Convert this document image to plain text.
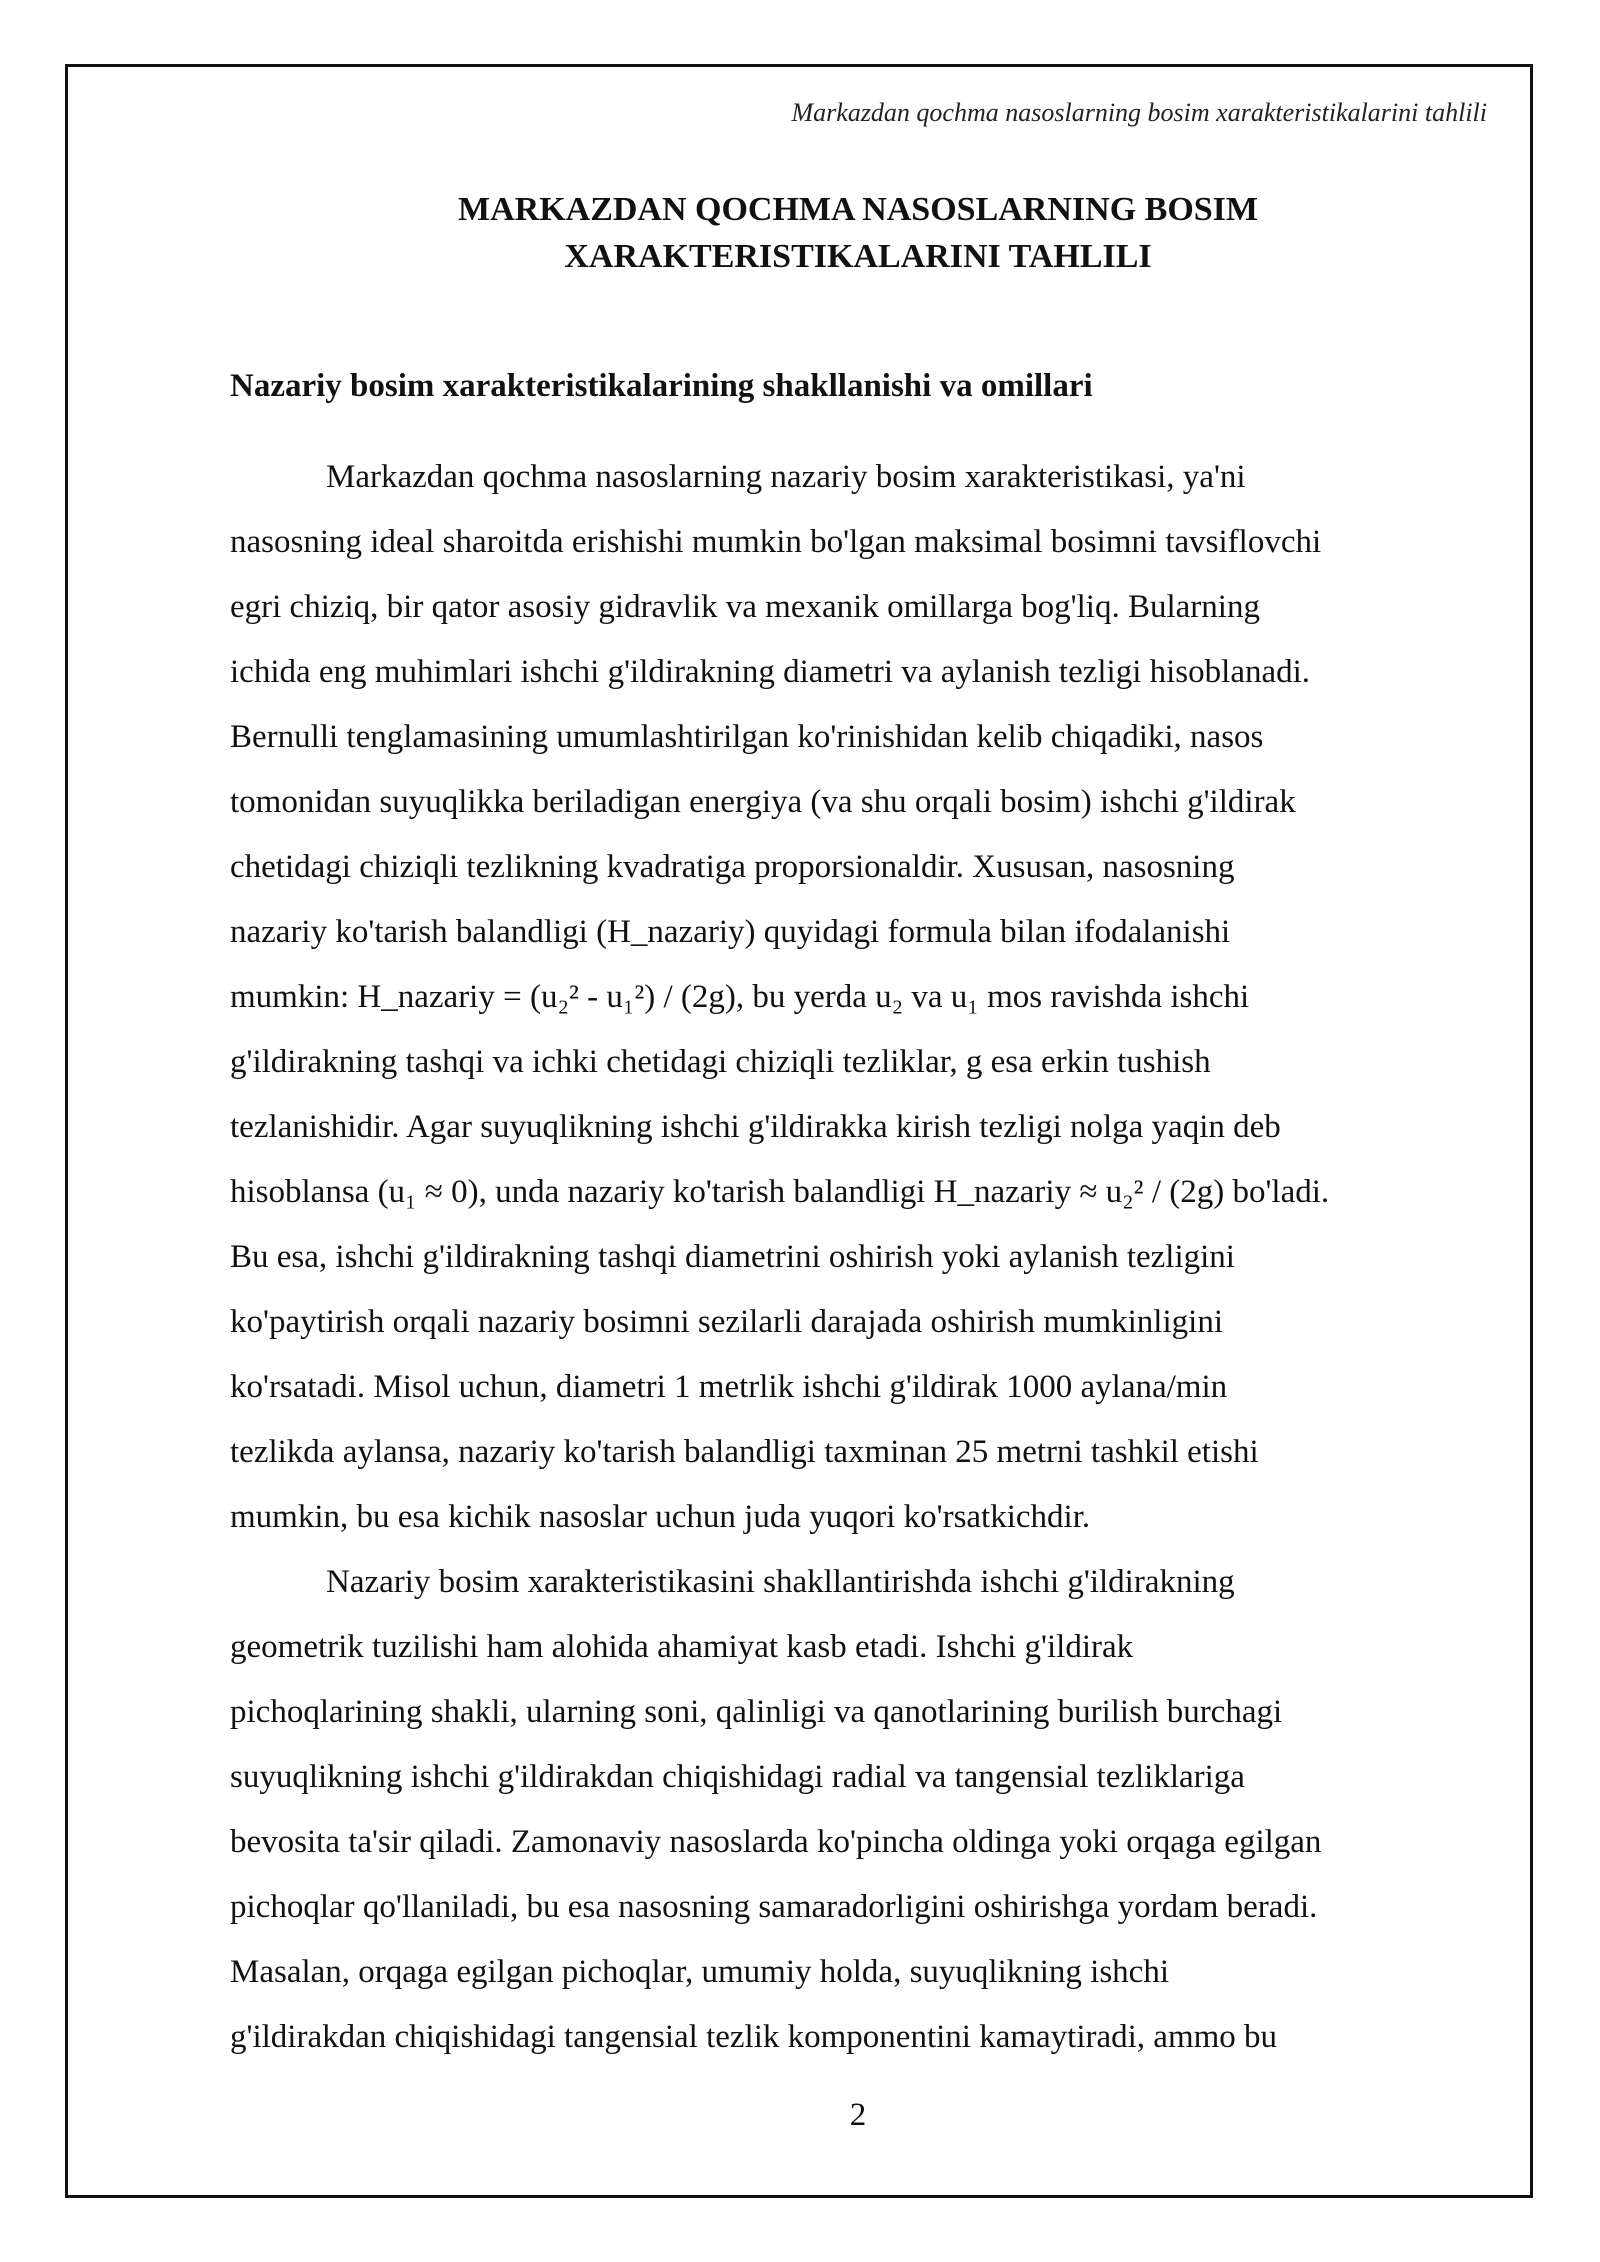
Markazdan qochma nasoslarning bosim xarakteristikalarini tahlili
MARKAZDAN QOCHMA NASOSLARNING BOSIM
XARAKTERISTIKALARINI TAHLILI
Nazariy bosim xarakteristikalarining shakllanishi va omillari

Markazdan qochma nasoslarning nazariy bosim xarakteristikasi, ya'ni
nasosning ideal sharoitda erishishi mumkin bo'lgan maksimal bosimni tavsiflovchi
egri chiziq, bir qator asosiy gidravlik va mexanik omillarga bog'liq. Bularning
ichida eng muhimlari ishchi g'ildirakning diametri va aylanish tezligi hisoblanadi.
Bernulli tenglamasining umumlashtirilgan ko'rinishidan kelib chiqadiki, nasos
tomonidan suyuqlikka beriladigan energiya (va shu orqali bosim) ishchi g'ildirak
chetidagi chiziqli tezlikning kvadratiga proporsionaldir. Xususan, nasosning
nazariy ko'tarish balandligi (H_nazariy) quyidagi formula bilan ifodalanishi
mumkin: H_nazariy = (u₂² - u₁²) / (2g), bu yerda u₂ va u₁ mos ravishda ishchi
g'ildirakning tashqi va ichki chetidagi chiziqli tezliklar, g esa erkin tushish
tezlanishidir. Agar suyuqlikning ishchi g'ildirakka kirish tezligi nolga yaqin deb
hisoblansa (u₁ ≈ 0), unda nazariy ko'tarish balandligi H_nazariy ≈ u₂² / (2g) bo'ladi.
Bu esa, ishchi g'ildirakning tashqi diametrini oshirish yoki aylanish tezligini
ko'paytirish orqali nazariy bosimni sezilarli darajada oshirish mumkinligini
ko'rsatadi. Misol uchun, diametri 1 metrlik ishchi g'ildirak 1000 aylana/min
tezlikda aylansa, nazariy ko'tarish balandligi taxminan 25 metrni tashkil etishi
mumkin, bu esa kichik nasoslar uchun juda yuqori ko'rsatkichdir.

Nazariy bosim xarakteristikasini shakllantirishda ishchi g'ildirakning
geometrik tuzilishi ham alohida ahamiyat kasb etadi. Ishchi g'ildirak
pichoqlarining shakli, ularning soni, qalinligi va qanotlarining burilish burchagi
suyuqlikning ishchi g'ildirakdan chiqishidagi radial va tangensial tezliklariga
bevosita ta'sir qiladi. Zamonaviy nasoslarda ko'pincha oldinga yoki orqaga egilgan
pichoqlar qo'llaniladi, bu esa nasosning samaradorligini oshirishga yordam beradi.
Masalan, orqaga egilgan pichoqlar, umumiy holda, suyuqlikning ishchi
g'ildirakdan chiqishidagi tangensial tezlik komponentini kamaytiradi, ammo bu

2
